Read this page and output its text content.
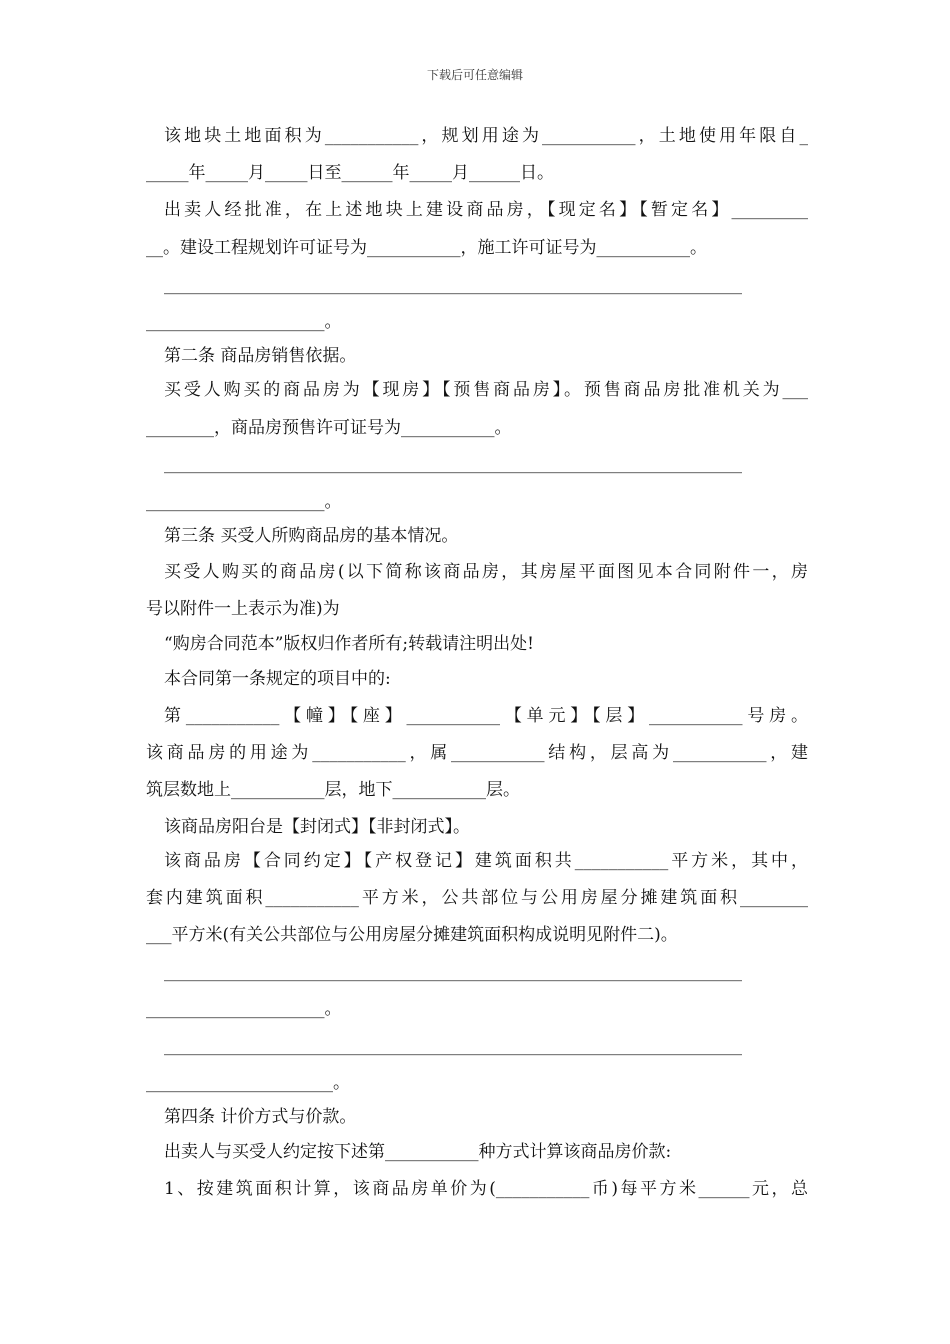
下载后可任意编辑
该地块土地面积为___________，规划用途为___________，土地使用年限自_
_____年_____月_____日至______年_____月______日。
出卖人经批准，在上述地块上建设商品房，【现定名】【暂定名】_________
__。建设工程规划许可证号为___________，施工许可证号为___________。
____________________________________________________________________
_____________________。
第二条 商品房销售依据。
买受人购买的商品房为【现房】【预售商品房】。预售商品房批准机关为___
________，商品房预售许可证号为___________。
____________________________________________________________________
_____________________。
第三条 买受人所购商品房的基本情况。
买受人购买的商品房(以下简称该商品房，其房屋平面图见本合同附件一，房
号以附件一上表示为准)为
“购房合同范本”版权归作者所有;转载请注明出处!
本合同第一条规定的项目中的:
第___________【幢】【座】___________【单元】【层】___________号房。
该商品房的用途为___________，属___________结构，层高为___________，建
筑层数地上___________层，地下___________层。
该商品房阳台是【封闭式】【非封闭式】。
该商品房【合同约定】【产权登记】建筑面积共___________平方米，其中，
套内建筑面积___________平方米，公共部位与公用房屋分摊建筑面积________
___平方米(有关公共部位与公用房屋分摊建筑面积构成说明见附件二)。
____________________________________________________________________
_____________________。
____________________________________________________________________
______________________。
第四条 计价方式与价款。
出卖人与买受人约定按下述第___________种方式计算该商品房价款:
1、按建筑面积计算，该商品房单价为(___________币)每平方米______元，总
